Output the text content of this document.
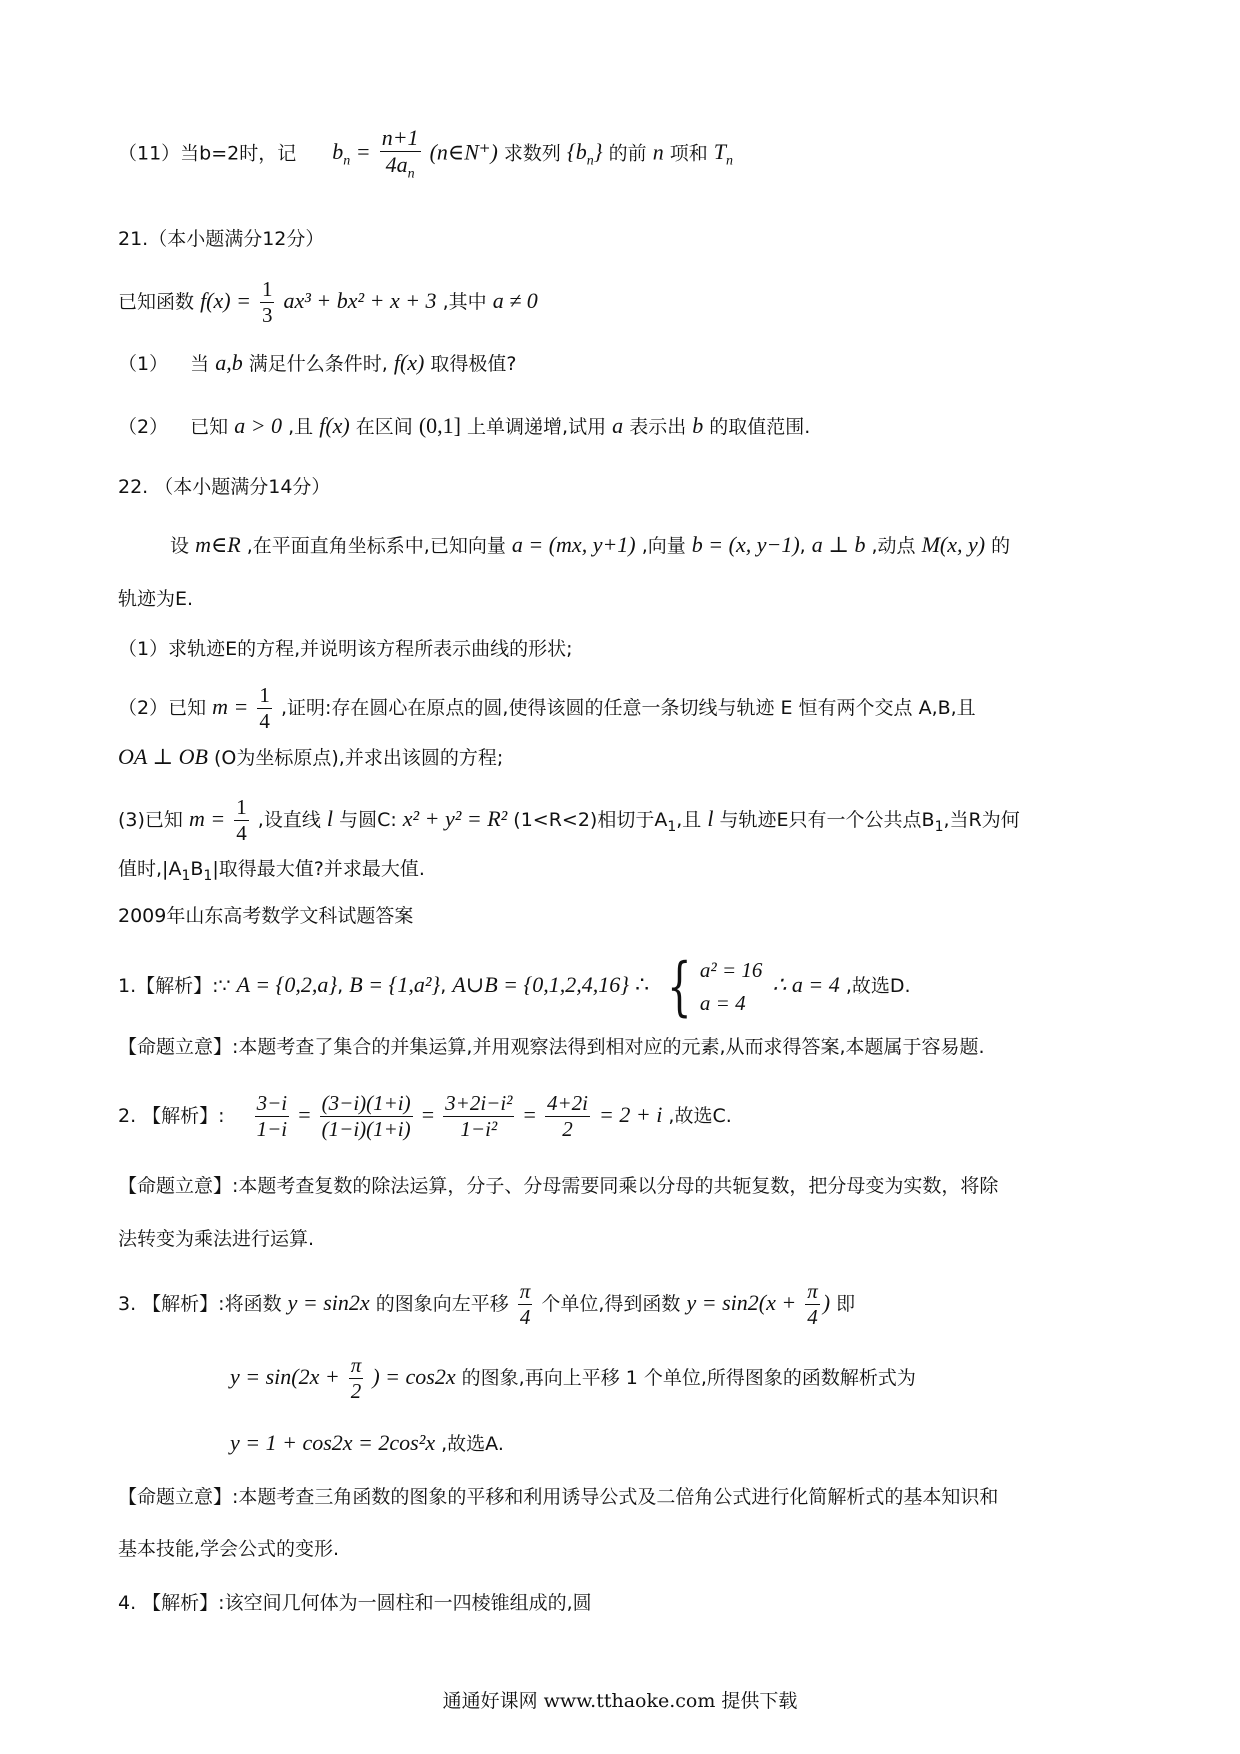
（11）当b=2时，记 $b_n = \frac{n+1}{4a_n}$ (n∈N⁺) 求数列 $\{b_n\}$ 的前 n 项和 $T_n$
21.（本小题满分12分）
已知函数 $f(x) = \frac{1}{3} ax^3 + bx^2 + x + 3$ ,其中 a ≠ 0
（1） 当 a,b 满足什么条件时, f(x) 取得极值?
（2） 已知 a > 0 ,且 f(x) 在区间 (0,1] 上单调递增,试用 a 表示出 b 的取值范围.
22. （本小题满分14分）
设 m∈R ,在平面直角坐标系中,已知向量 a = (mx, y+1) ,向量 b = (x, y−1), a ⊥ b ,动点 M(x, y) 的
轨迹为E.
（1）求轨迹E的方程,并说明该方程所表示曲线的形状;
（2）已知 $m = \frac{1}{4}$ ,证明:存在圆心在原点的圆,使得该圆的任意一条切线与轨迹 E 恒有两个交点 A,B,且
OA ⊥ OB (O为坐标原点),并求出该圆的方程;
(3)已知 $m = \frac{1}{4}$ ,设直线 l 与圆C: x² + y² = R² (1<R<2)相切于$A_1$,且 l 与轨迹E只有一个公共点$B_1$,当R为何
值时$,|A_1B_1|$取得最大值?并求最大值.
2009年山东高考数学文科试题答案
1.【解析】:∵ A = {0,2,a}, B = {1,a²}, A∪B = {0,1,2,4,16} ∴ { a² = 16
a = 4
∴ a = 4 ,故选D.
【命题立意】:本题考查了集合的并集运算,并用观察法得到相对应的元素,从而求得答案,本题属于容易题.
2. 【解析】: $\frac{3-i}{1-i} = \frac{(3-i)(1+i)}{(1-i)(1+i)} = \frac{\text{3+2i−i²}}{\text{1−i²}} = \frac{4+2i}{2} = 2 + i$ ,故选C.
【命题立意】:本题考查复数的除法运算，分子、分母需要同乘以分母的共轭复数，把分母变为实数，将除
法转变为乘法进行运算.
3. 【解析】:将函数 y = sin2x 的图象向左平移 $\frac{\pi}{4}$ 个单位,得到函数 $y = \sin 2(x + \frac{\pi}{4}$ ) 即
$y = \sin(2x + \frac{\pi}{2}$ ) = cos2x 的图象,再向上平移 1 个单位,所得图象的函数解析式为
y = 1 + cos2x = 2cos²x ,故选A.
【命题立意】:本题考查三角函数的图象的平移和利用诱导公式及二倍角公式进行化简解析式的基本知识和
基本技能,学会公式的变形.
4. 【解析】:该空间几何体为一圆柱和一四棱锥组成的,圆
通通好课网 www.tthaoke.com 提供下载
